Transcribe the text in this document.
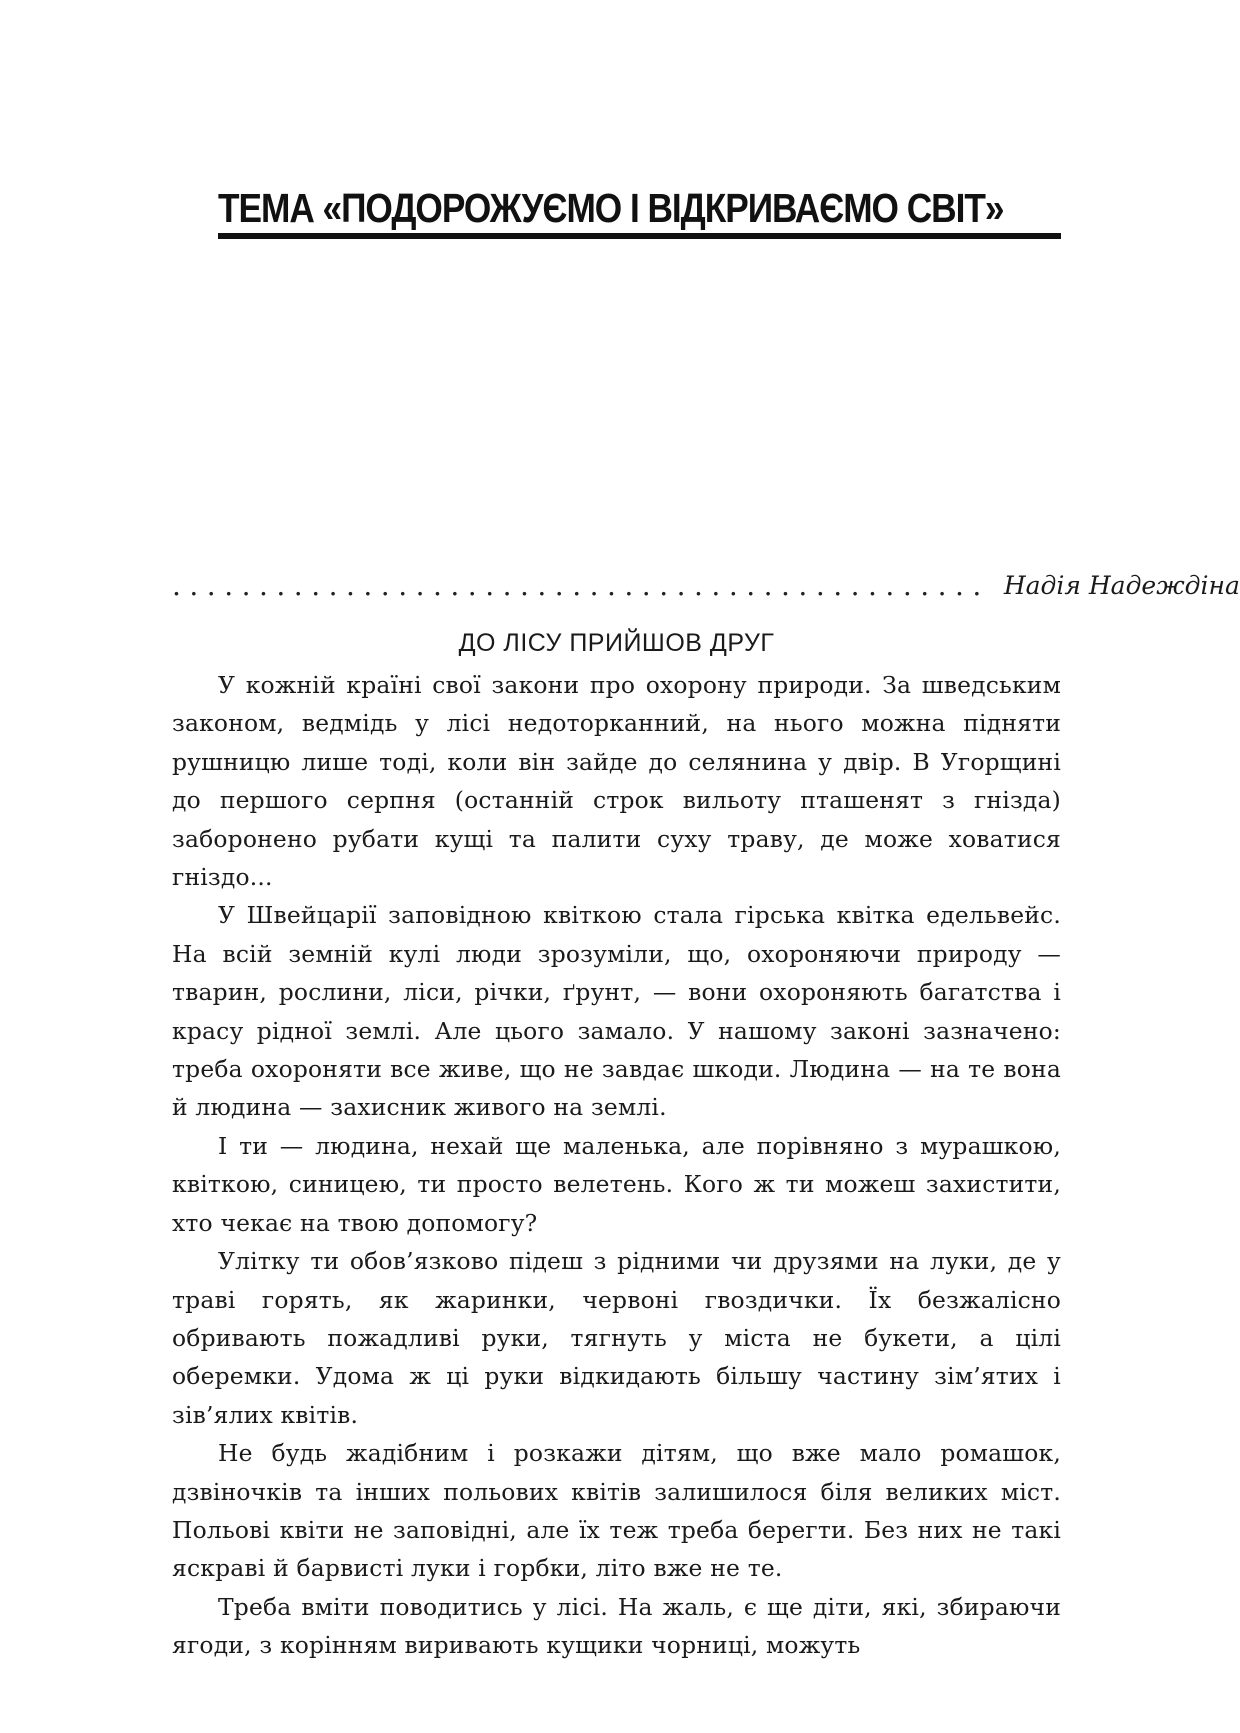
ТЕМА «ПОДОРОЖУЄМО І ВІДКРИВАЄМО СВІТ»
............................................... Надія Надеждіна
ДО ЛІСУ ПРИЙШОВ ДРУГ

У кожній країні свої закони про охорону природи. За шведським законом, ведмідь у лісі недоторканний, на нього можна підняти рушницю лише тоді, коли він зайде до селянина у двір. В Угорщині до першого серпня (останній строк вильоту пташенят з гнізда) заборонено рубати кущі та палити суху траву, де може ховатися гніздо...

У Швейцарії заповідною квіткою стала гірська квітка едельвейс. На всій земній кулі люди зрозуміли, що, охороняючи природу — тварин, рослини, ліси, річки, ґрунт, — вони охороняють багатства і красу рідної землі. Але цього замало. У нашому законі зазначено: треба охороняти все живе, що не завдає шкоди. Людина — на те вона й людина — захисник живого на землі.

І ти — людина, нехай ще маленька, але порівняно з мурашкою, квіткою, синицею, ти просто велетень. Кого ж ти можеш захистити, хто чекає на твою допомогу?

Улітку ти обов’язково підеш з рідними чи друзями на луки, де у траві горять, як жаринки, червоні гвоздички. Їх безжалісно обривають пожадливі руки, тягнуть у міста не букети, а цілі оберемки. Удома ж ці руки відкидають більшу частину зім’ятих і зів’ялих квітів.

Не будь жадібним і розкажи дітям, що вже мало ромашок, дзвіночків та інших польових квітів залишилося біля великих міст. Польові квіти не заповідні, але їх теж треба берегти. Без них не такі яскраві й барвисті луки і горбки, літо вже не те.

Треба вміти поводитись у лісі. На жаль, є ще діти, які, збираючи ягоди, з корінням виривають кущики чорниці, можуть
